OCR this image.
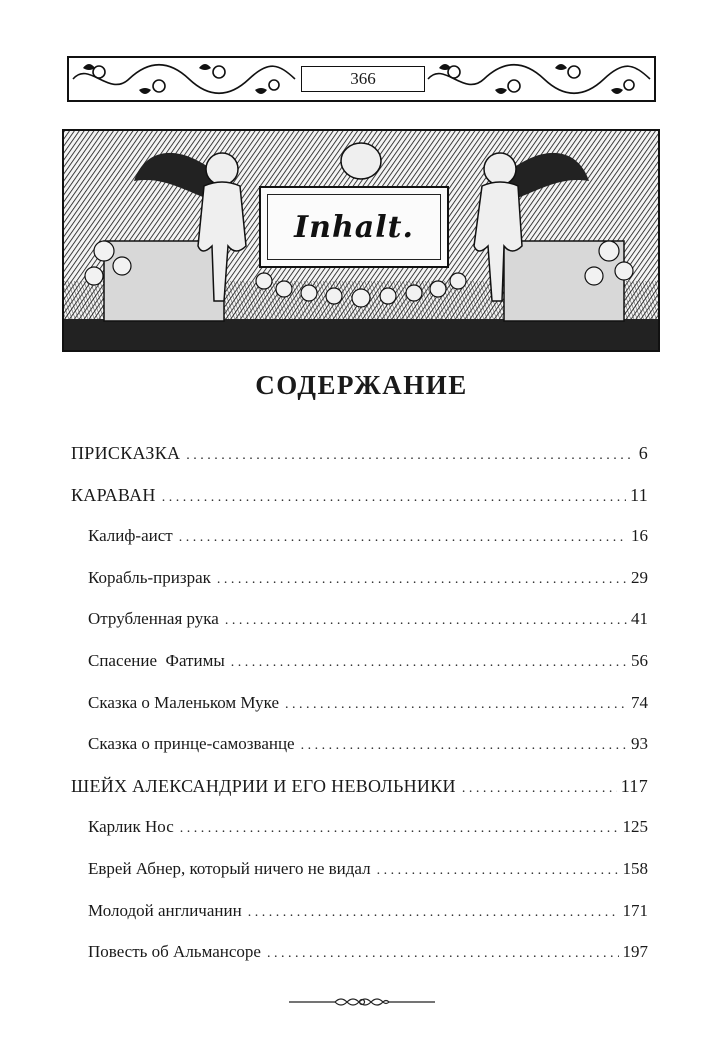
366
Inhalt.
СОДЕРЖАНИЕ
ПРИСКАЗКА . . .	6
КАРАВАН . . .	11
Калиф-аист . . .	16
Корабль-призрак . . .	29
Отрубленная рука . . .	41
Спасение  Фатимы . . .	56
Сказка о Маленьком Муке . . .	74
Сказка о принце-самозванце . . .	93
ШЕЙХ АЛЕКСАНДРИИ И ЕГО НЕВОЛЬНИКИ . . .	117
Карлик Нос . . .	125
Еврей Абнер, который ничего не видал . . .	158
Молодой англичанин . . .	171
Повесть об Альмансоре . . .	197
